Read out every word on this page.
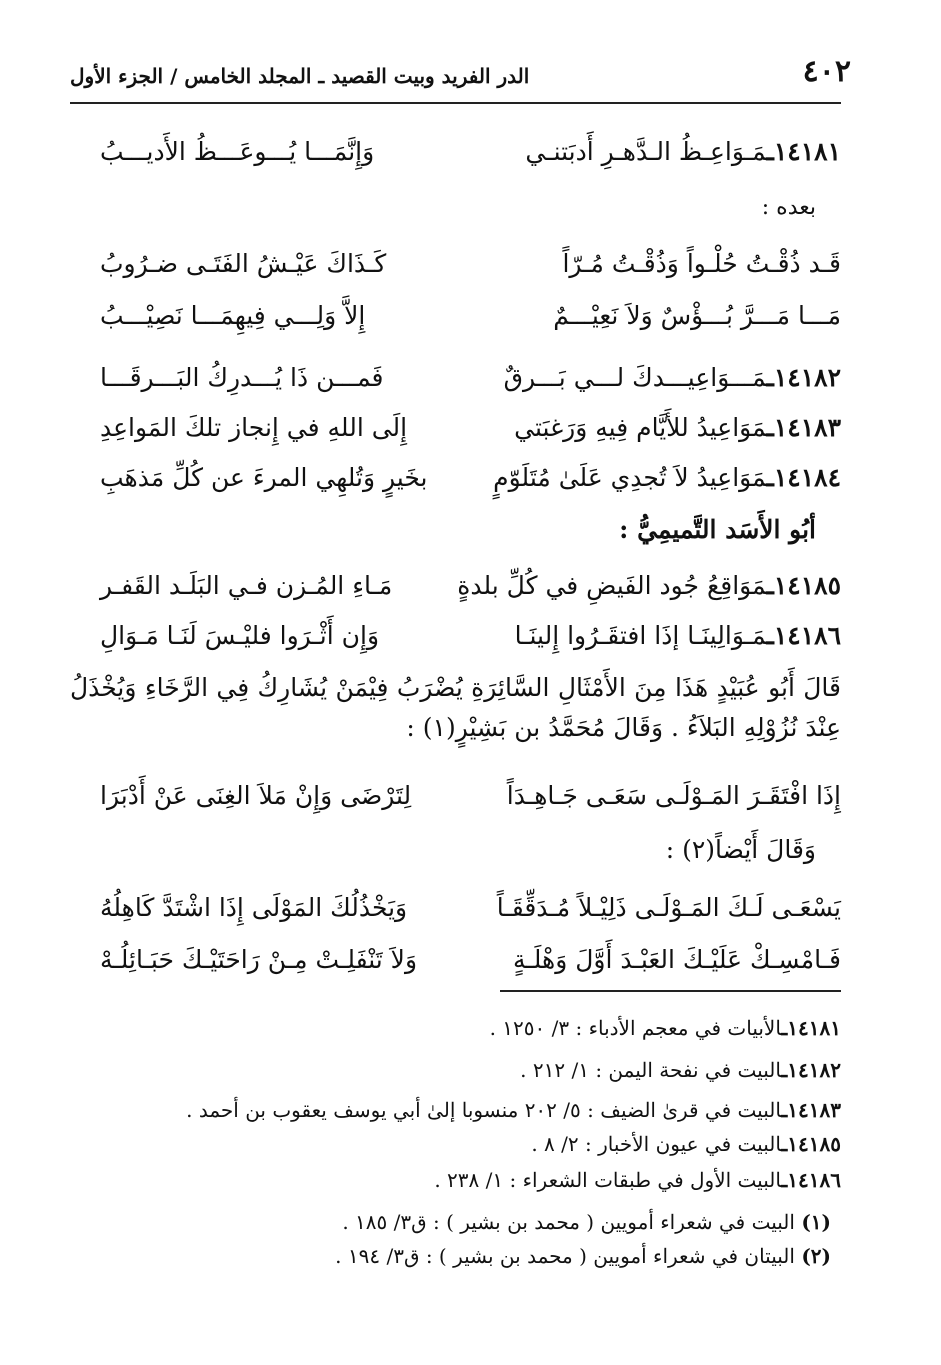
٤٠٢
الدر الفريد وبيت القصيد ـ المجلد الخامس / الجزء الأول
١٤١٨١ـمَـوَاعِـظُ الـدَّهـرِ أَدبَتنـي
وَإِنَّمَـــا يُـــوعَـــظُ الأَديـــبُ
بعده :
قَـد ذُقْـتُ حُلْـواً وَذُقْـتُ مُـرّاً
كَـذَاكَ عَيْـشُ الفَتَـى ضـرُوبُ
مَـــا مَـــرَّ بُـــؤْسٌ وَلاَ نَعِيْـــمٌ
إِلاَّ وَلِـــي فِيهِمَـــا نَصِيْـــبُ
١٤١٨٢ـمَـــوَاعِيـــدكَ لـــي بَـــرقٌ
فَمـــن ذَا يُـــدرِكُ البَـــرقَـــا
١٤١٨٣ـمَوَاعِيدُ للأَيَّام فِيهِ وَرَغبَتي
إِلَى اللهِ في إِنجاز تلكَ المَواعِدِ
١٤١٨٤ـمَوَاعِيدُ لاَ تُجدِي عَلَىٰ مُتَلَوّمٍ
بخَيرٍ وَتُلهِي المرءَ عن كُلِّ مَذهَبِ
أبُو الأَسَد التَّميمِيُّ :
١٤١٨٥ـمَوَاقِعُ جُود الفَيضِ في كُلِّ بلدةٍ
مَـاءِ المُـزن فـي البَلَـد القَفـر
١٤١٨٦ـمَـوَالِينَـا إذَا افتقَـرُوا إِلينَـا
وَإِن أَثْـرَوا فليْـسَ لَنَـا مَـوَالِ
قَالَ أَبُو عُبَيْدٍ هَذَا مِنَ الأَمْثَالِ السَّائِرَةِ يُضْرَبُ فِيْمَنْ يُشَارِكُ فِي الرَّخَاءِ وَيُخْذَلُ عِنْدَ نُزُوْلِهِ البَلاَءُ . وَقَالَ مُحَمَّدُ بن بَشِيْرٍ(١) :
إِذَا افْتَقَـرَ المَـوْلَـى سَعَـى جَـاهِـدَاً
لِتَرْضَى وَإِنْ مَلاَ الغِنَى عَنْ أَدْبَرَا
وَقَالَ أَيْضاً(٢) :
يَسْعَـى لَـكَ المَـوْلَـى ذَلِيْـلاً مُـدَقِّقَـاً
وَيَخْذُلُكَ المَوْلَى إِذَا اشْتَدَّ كَاهِلُهُ
فَـامْسِـكْ عَلَيْـكَ العَبْـدَ أَوَّلَ وَهْلَـةٍ
وَلاَ تَنْفَلِـتْ مِـنْ رَاحَتَيْـكَ حَبَـائِلُـهْ
١٤١٨١ـالأبيات في معجم الأدباء : ٣/ ١٢٥٠ .
١٤١٨٢ـالبيت في نفحة اليمن : ١/ ٢١٢ .
١٤١٨٣ـالبيت في قرىٰ الضيف : ٥/ ٢٠٢ منسوبا إلىٰ أبي يوسف يعقوب بن أحمد .
١٤١٨٥ـالبيت في عيون الأخبار : ٢/ ٨ .
١٤١٨٦ـالبيت الأول في طبقات الشعراء : ١/ ٢٣٨ .
(١) البيت في شعراء أمويين ( محمد بن بشير ) : ق٣/ ١٨٥ .
(٢) البيتان في شعراء أمويين ( محمد بن بشير ) : ق٣/ ١٩٤ .
